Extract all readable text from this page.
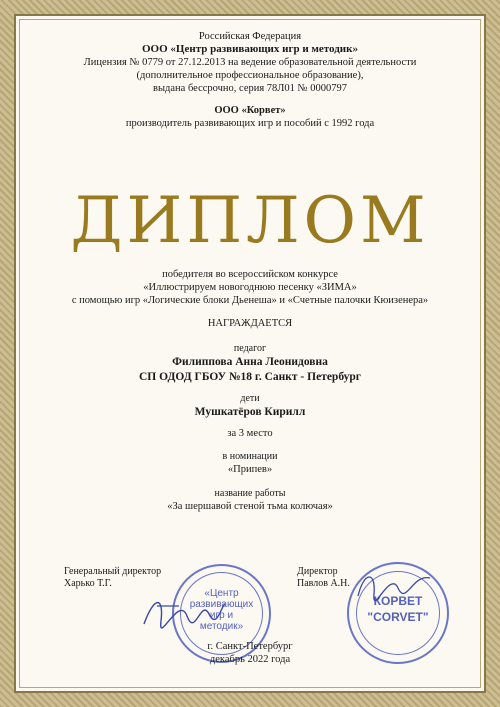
Российская Федерация

ООО «Центр развивающих игр и методик»

Лицензия № 0779 от 27.12.2013 на ведение образовательной деятельности

(дополнительное профессиональное образование),

выдана бессрочно, серия 78Л01 № 0000797

ООО «Корвет»

производитель развивающих игр и пособий с 1992 года

ДИПЛОМ

победителя во всероссийском конкурсе

«Иллюстрируем новогоднюю песенку «ЗИМА»

с помощью игр «Логические блоки Дьенеша» и «Счетные палочки Кюизенера»

НАГРАЖДАЕТСЯ

педагог

Филиппова Анна Леонидовна

СП ОДОД ГБОУ №18 г. Санкт - Петербург

дети

Мушкатёров Кирилл

за 3 место

в номинации

«Припев»

название работы

«За шершавой стеной тьма колючая»

Генеральный директор
Харько Т.Г.
Директор
Павлов А.Н.
«Центр
развивающих
игр и
методик»
КОРВЕТ
"CORVET"

г. Санкт-Петербург

декабрь 2022 года
